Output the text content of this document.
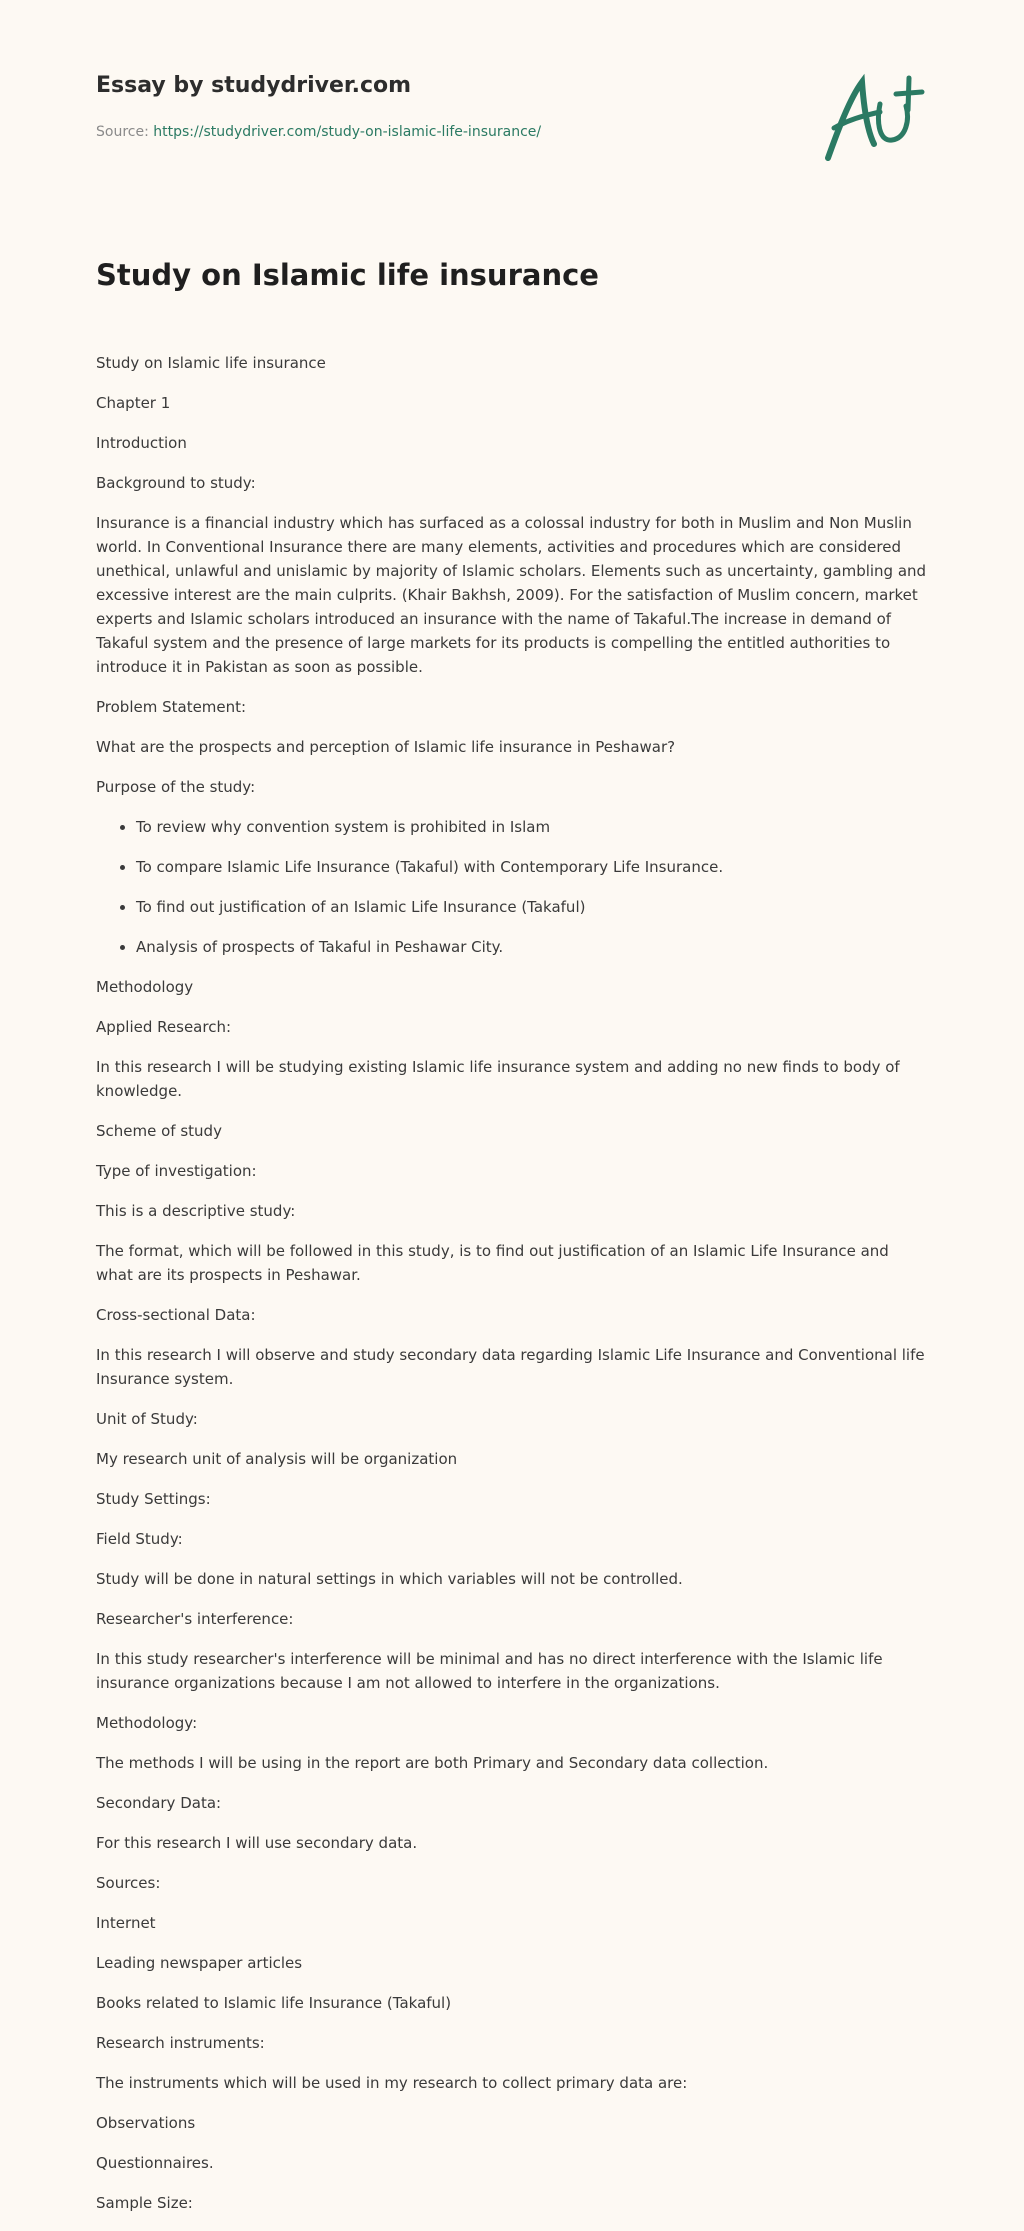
Essay by studydriver.com

Source: https://studydriver.com/study-on-islamic-life-insurance/

Study on Islamic life insurance

Study on Islamic life insurance

Chapter 1

Introduction

Background to study:

Insurance is a financial industry which has surfaced as a colossal industry for both in Muslim and Non Muslin world. In Conventional Insurance there are many elements, activities and procedures which are considered unethical, unlawful and unislamic by majority of Islamic scholars. Elements such as uncertainty, gambling and excessive interest are the main culprits. (Khair Bakhsh, 2009). For the satisfaction of Muslim concern, market experts and Islamic scholars introduced an insurance with the name of Takaful.The increase in demand of Takaful system and the presence of large markets for its products is compelling the entitled authorities to introduce it in Pakistan as soon as possible.

Problem Statement:

What are the prospects and perception of Islamic life insurance in Peshawar?

Purpose of the study:

• To review why convention system is prohibited in Islam
• To compare Islamic Life Insurance (Takaful) with Contemporary Life Insurance.
• To find out justification of an Islamic Life Insurance (Takaful)
• Analysis of prospects of Takaful in Peshawar City.

Methodology

Applied Research:

In this research I will be studying existing Islamic life insurance system and adding no new finds to body of knowledge.

Scheme of study

Type of investigation:

This is a descriptive study:

The format, which will be followed in this study, is to find out justification of an Islamic Life Insurance and what are its prospects in Peshawar.

Cross-sectional Data:

In this research I will observe and study secondary data regarding Islamic Life Insurance and Conventional life Insurance system.

Unit of Study:

My research unit of analysis will be organization

Study Settings:

Field Study:

Study will be done in natural settings in which variables will not be controlled.

Researcher's interference:

In this study researcher's interference will be minimal and has no direct interference with the Islamic life insurance organizations because I am not allowed to interfere in the organizations.

Methodology:

The methods I will be using in the report are both Primary and Secondary data collection.

Secondary Data:

For this research I will use secondary data.

Sources:

Internet

Leading newspaper articles

Books related to Islamic life Insurance (Takaful)

Research instruments:

The instruments which will be used in my research to collect primary data are:

Observations

Questionnaires.

Sample Size:
